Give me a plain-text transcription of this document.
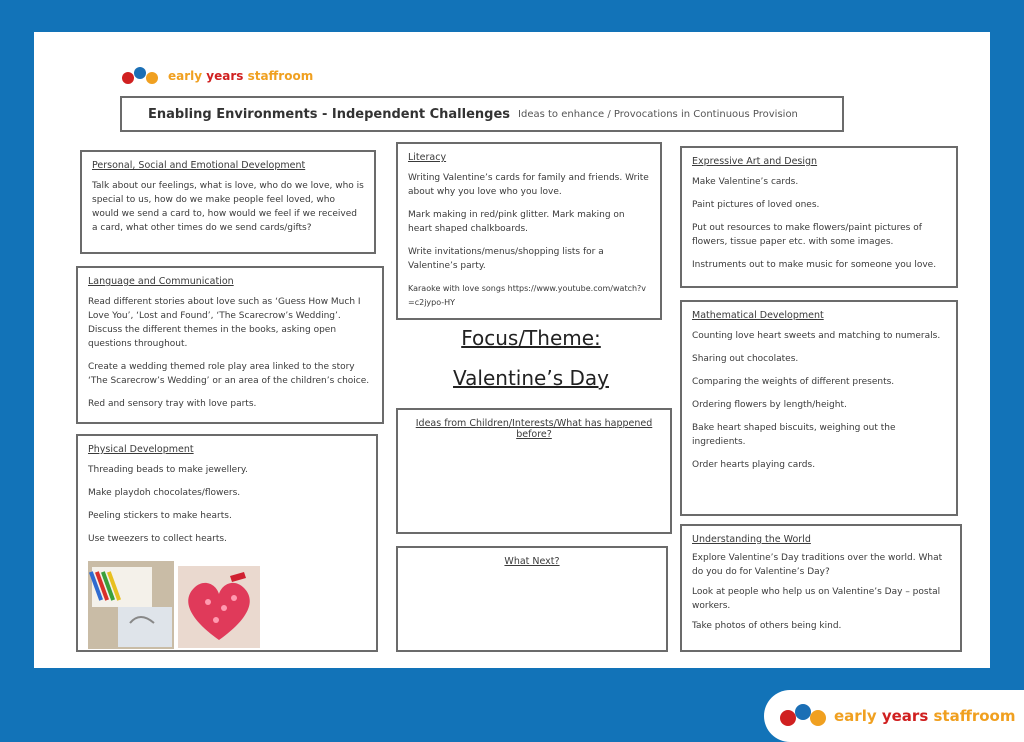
early years staffroom
Enabling Environments - Independent Challenges Ideas to enhance / Provocations in Continuous Provision
Personal, Social and Emotional Development

Talk about our feelings, what is love, who do we love, who is special to us, how do we make people feel loved, who would we send a card to, how would we feel if we received a card, what other times do we send cards/gifts?

Literacy

Writing Valentine’s cards for family and friends. Write about why you love who you love.

Mark making in red/pink glitter. Mark making on heart shaped chalkboards.

Write invitations/menus/shopping lists for a Valentine’s party.

Karaoke with love songs https://www.youtube.com/watch?v=c2jypo-HY

Expressive Art and Design

Make Valentine’s cards.

Paint pictures of loved ones.

Put out resources to make flowers/paint pictures of flowers, tissue paper etc. with some images.

Instruments out to make music for someone you love.

Language and Communication

Read different stories about love such as ‘Guess How Much I Love You’, ‘Lost and Found’, ‘The Scarecrow’s Wedding’. Discuss the different themes in the books, asking open questions throughout.

Create a wedding themed role play area linked to the story ‘The Scarecrow’s Wedding’ or an area of the children’s choice.

Red and sensory tray with love parts.

Focus/Theme:
Valentine’s Day
Mathematical Development

Counting love heart sweets and matching to numerals.

Sharing out chocolates.

Comparing the weights of different presents.

Ordering flowers by length/height.

Bake heart shaped biscuits, weighing out the ingredients.

Order hearts playing cards.

Ideas from Children/Interests/What has happened before?
Physical Development

Threading beads to make jewellery.

Make playdoh chocolates/flowers.

Peeling stickers to make hearts.

Use tweezers to collect hearts.

What Next?
Understanding the World

Explore Valentine’s Day traditions over the world. What do you do for Valentine’s Day?

Look at people who help us on Valentine’s Day – postal workers.

Take photos of others being kind.

early years staffroom
